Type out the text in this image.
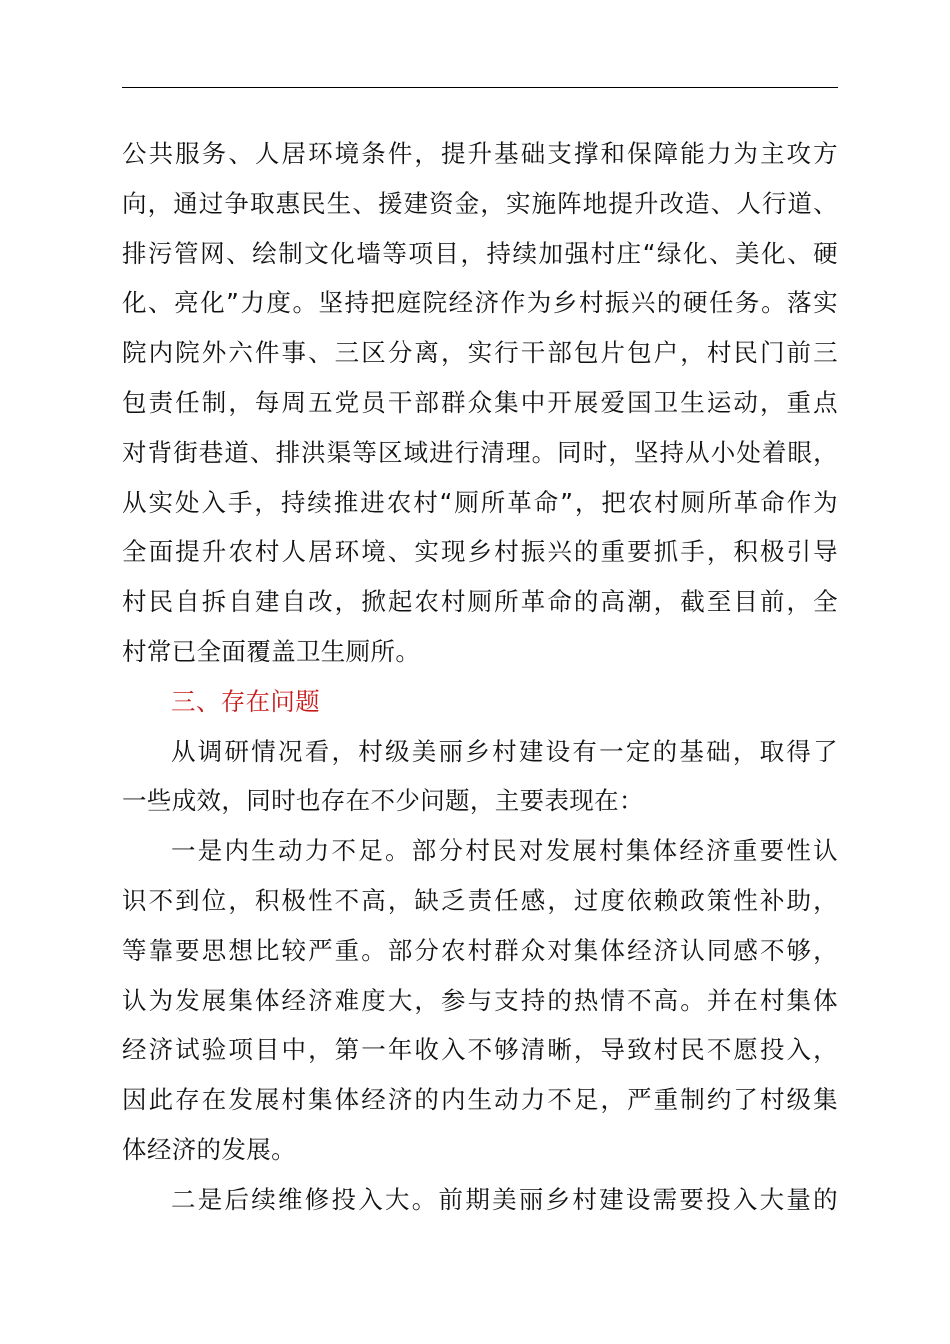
公共服务、人居环境条件，提升基础支撑和保障能力为主攻方
向，通过争取惠民生、援建资金，实施阵地提升改造、人行道、
排污管网、绘制文化墙等项目，持续加强村庄“绿化、美化、硬
化、亮化”力度。坚持把庭院经济作为乡村振兴的硬任务。落实
院内院外六件事、三区分离，实行干部包片包户，村民门前三
包责任制，每周五党员干部群众集中开展爱国卫生运动，重点
对背街巷道、排洪渠等区域进行清理。同时，坚持从小处着眼，
从实处入手，持续推进农村“厕所革命”，把农村厕所革命作为
全面提升农村人居环境、实现乡村振兴的重要抓手，积极引导
村民自拆自建自改，掀起农村厕所革命的高潮，截至目前，全
村常已全面覆盖卫生厕所。
三、存在问题
从调研情况看，村级美丽乡村建设有一定的基础，取得了
一些成效，同时也存在不少问题，主要表现在：
一是内生动力不足。部分村民对发展村集体经济重要性认
识不到位，积极性不高，缺乏责任感，过度依赖政策性补助，
等靠要思想比较严重。部分农村群众对集体经济认同感不够，
认为发展集体经济难度大，参与支持的热情不高。并在村集体
经济试验项目中，第一年收入不够清晰，导致村民不愿投入，
因此存在发展村集体经济的内生动力不足，严重制约了村级集
体经济的发展。
二是后续维修投入大。前期美丽乡村建设需要投入大量的
